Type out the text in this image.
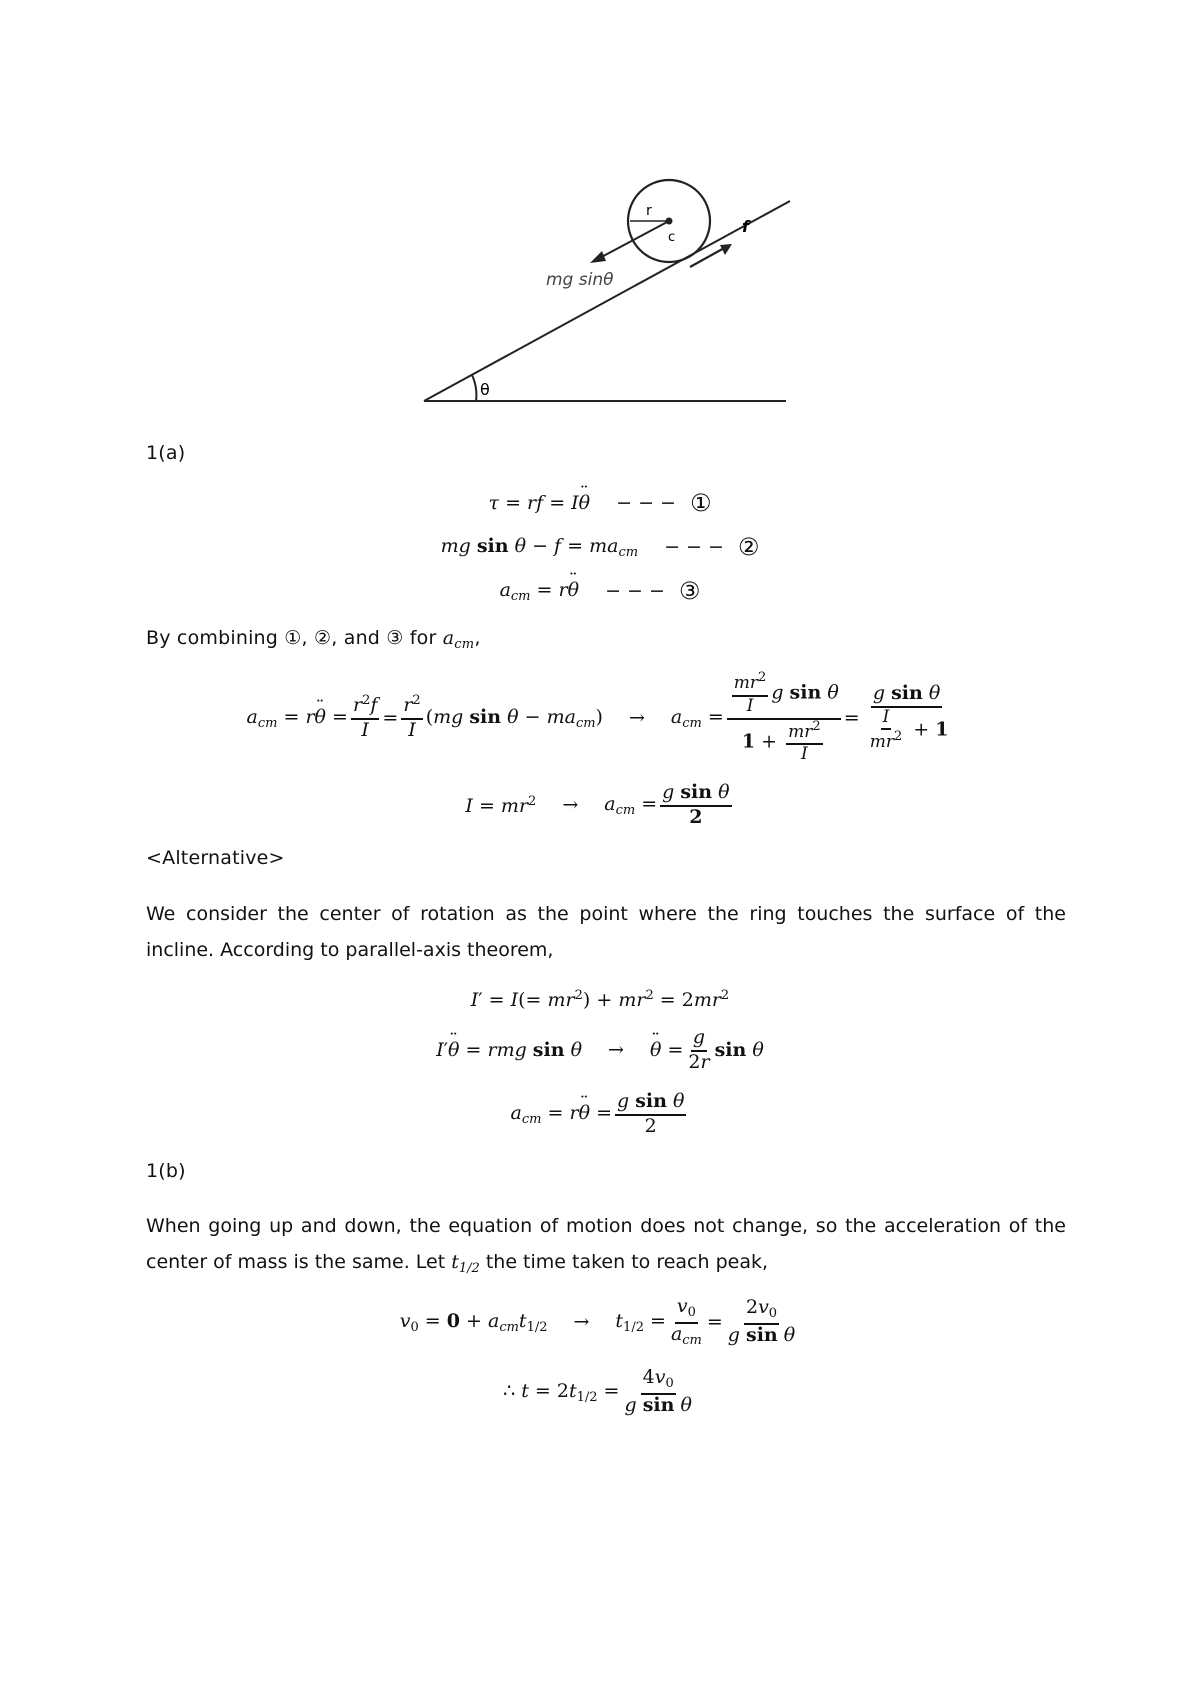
θ
r
c
mg sinθ
f
1(a)
τ = rf = I¨ θ − − − ①
mg $\sin \theta - f = ma_{cm}$ − − − ②
$a_{cm}$ = r¨ θ − − − ③
By combining ①, ②, and ③ for $a_{cm}$,
$a_{cm}$ = r¨ $\theta = \frac{r^2f}{I} = \frac{r^2}{I} (mg$ $\sin \theta - ma_{cm}) \to a_{cm} = \frac{\frac{mr^2}{I} g \sin \theta}{1 + \frac{mr^2}{I}} = \frac{\text{g sin θ}}{\frac{I}{mr^2} + 1}$
$I = mr^2 \to a_{cm} = \frac{\text{g sin θ}}{2}$
<Alternative>
We consider the center of rotation as the point where the ring touches the surface of the incline. According to parallel-axis theorem,
$I' = I(= mr^2) + mr^2 = 2mr^2$
I′¨ θ = rmg sin θ →
¨ $\theta = \frac{g}{2r}$ sin θ
$a_{cm}$ = r¨ $\theta = \frac{\text{g sin θ}}{2}$
1(b)
When going up and down, the equation of motion does not change, so the acceleration of the center of mass is the same. Let $t_{1/2}$ the time taken to reach peak,
$v_0 = 0 + a_{cm}t_{1/2} \to t_{1/2} = \frac{v_0}{a_{cm}} = \frac{2v_0}{\text{g sin θ}}$
∴ $t = 2t_{1/2} = \frac{4v_0}{\text{g sin θ}}$
